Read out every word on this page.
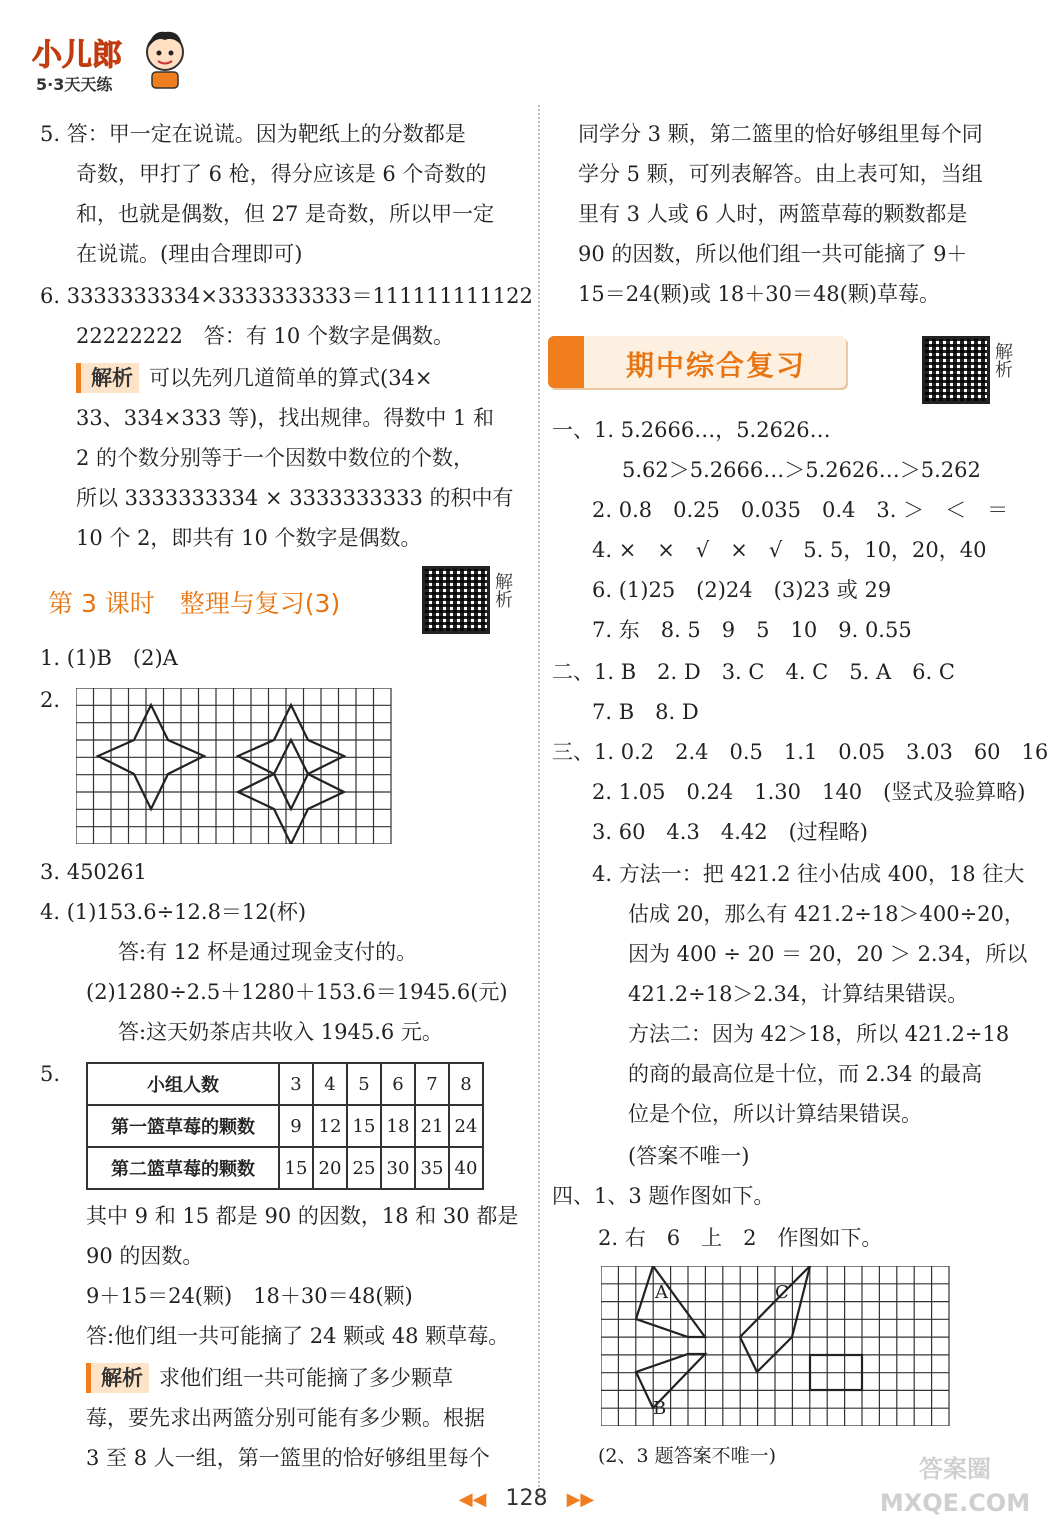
小儿郎
5·3天天练
5. 答：甲一定在说谎。因为靶纸上的分数都是
奇数，甲打了 6 枪，得分应该是 6 个奇数的
和，也就是偶数，但 27 是奇数，所以甲一定
在说谎。(理由合理即可)
6. 3333333334×3333333333＝111111111122
22222222　答：有 10 个数字是偶数。
解析 可以先列几道简单的算式(34×
33、334×333 等)，找出规律。得数中 1 和
2 的个数分别等于一个因数中数位的个数，
所以 3333333334 × 3333333333 的积中有
10 个 2，即共有 10 个数字是偶数。
第 3 课时　整理与复习(3)	解析
1. (1)B　(2)A
2.
3. 450261
4. (1)153.6÷12.8＝12(杯)
答:有 12 杯是通过现金支付的。
(2)1280÷2.5＋1280＋153.6＝1945.6(元)
答:这天奶茶店共收入 1945.6 元。
5.	小组人数	3	4	5	6	7	8
第一篮草莓的颗数	9	12	15	18	21	24
第二篮草莓的颗数	15	20	25	30	35	40
其中 9 和 15 都是 90 的因数，18 和 30 都是
90 的因数。
9＋15＝24(颗)　18＋30＝48(颗)
答:他们组一共可能摘了 24 颗或 48 颗草莓。
解析 求他们组一共可能摘了多少颗草
莓，要先求出两篮分别可能有多少颗。根据
3 至 8 人一组，第一篮里的恰好够组里每个
同学分 3 颗，第二篮里的恰好够组里每个同
学分 5 颗，可列表解答。由上表可知，当组
里有 3 人或 6 人时，两篮草莓的颗数都是
90 的因数，所以他们组一共可能摘了 9＋
15＝24(颗)或 18＋30＝48(颗)草莓。
期中综合复习	解析
一、1. 5.2666…，5.2626…
5.62＞5.2666…＞5.2626…＞5.262
2. 0.8　0.25　0.035　0.4　3. ＞　＜　＝
4. ×　×　√　×　√　5. 5，10，20，40
6. (1)25　(2)24　(3)23 或 29
7. 东　8. 5　9　5　10　9. 0.55
二、1. B　2. D　3. C　4. C　5. A　6. C
7. B　8. D
三、1. 0.2　2.4　0.5　1.1　0.05　3.03　60　16
2. 1.05　0.24　1.30　140　(竖式及验算略)
3. 60　4.3　4.42　(过程略)
4. 方法一：把 421.2 往小估成 400，18 往大
估成 20，那么有 421.2÷18＞400÷20，
因为 400 ÷ 20 ＝ 20，20 ＞ 2.34，所以
421.2÷18＞2.34，计算结果错误。
方法二：因为 42＞18，所以 421.2÷18
的商的最高位是十位，而 2.34 的最高
位是个位，所以计算结果错误。
(答案不唯一)
四、1、3 题作图如下。
2. 右　6　上　2　作图如下。
A
B
C
(2、3 题答案不唯一)
◀◀ 128 ▶▶
答案圈 MXQE.COM
